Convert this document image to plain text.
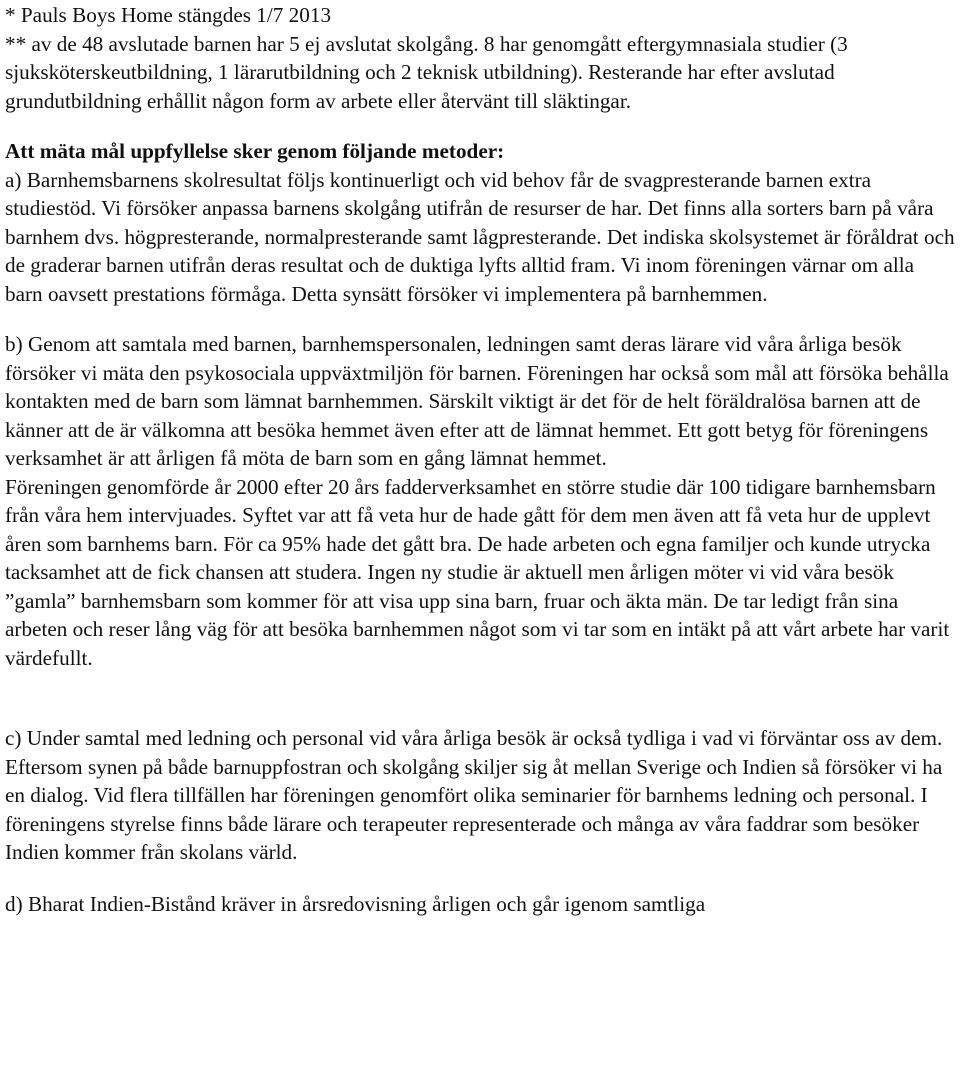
* Pauls Boys Home stängdes 1/7 2013

** av de 48 avslutade barnen har 5 ej avslutat skolgång. 8 har genomgått eftergymnasiala studier (3 sjuksköterskeutbildning, 1 lärarutbildning och 2 teknisk utbildning). Resterande har efter avslutad grundutbildning erhållit någon form av arbete eller återvänt till släktingar.

Att mäta mål uppfyllelse sker genom följande metoder:

a) Barnhemsbarnens skolresultat följs kontinuerligt och vid behov får de svagpresterande barnen extra studiestöd. Vi försöker anpassa barnens skolgång utifrån de resurser de har. Det finns alla sorters barn på våra barnhem dvs. högpresterande, normalpresterande samt lågpresterande. Det indiska skolsystemet är föråldrat och de graderar barnen utifrån deras resultat och de duktiga lyfts alltid fram. Vi inom föreningen värnar om alla barn oavsett prestations förmåga. Detta synsätt försöker vi implementera på barnhemmen.

b) Genom att samtala med barnen, barnhemspersonalen, ledningen samt deras lärare vid våra årliga besök försöker vi mäta den psykosociala uppväxtmiljön för barnen. Föreningen har också som mål att försöka behålla kontakten med de barn som lämnat barnhemmen. Särskilt viktigt är det för de helt föräldralösa barnen att de känner att de är välkomna att besöka hemmet även efter att de lämnat hemmet. Ett gott betyg för föreningens verksamhet är att årligen få möta de barn som en gång lämnat hemmet.

Föreningen genomförde år 2000 efter 20 års fadderverksamhet en större studie där 100 tidigare barnhemsbarn från våra hem intervjuades. Syftet var att få veta hur de hade gått för dem men även att få veta hur de upplevt åren som barnhems barn. För ca 95% hade det gått bra. De hade arbeten och egna familjer och kunde utrycka tacksamhet att de fick chansen att studera. Ingen ny studie är aktuell men årligen möter vi vid våra besök ”gamla” barnhemsbarn som kommer för att visa upp sina barn, fruar och äkta män. De tar ledigt från sina arbeten och reser lång väg för att besöka barnhemmen något som vi tar som en intäkt på att vårt arbete har varit värdefullt.

c) Under samtal med ledning och personal vid våra årliga besök är också tydliga i vad vi förväntar oss av dem. Eftersom synen på både barnuppfostran och skolgång skiljer sig åt mellan Sverige och Indien så försöker vi ha en dialog. Vid flera tillfällen har föreningen genomfört olika seminarier för barnhems ledning och personal. I föreningens styrelse finns både lärare och terapeuter representerade och många av våra faddrar som besöker Indien kommer från skolans värld.

d) Bharat Indien-Bistånd kräver in årsredovisning årligen och går igenom samtliga
